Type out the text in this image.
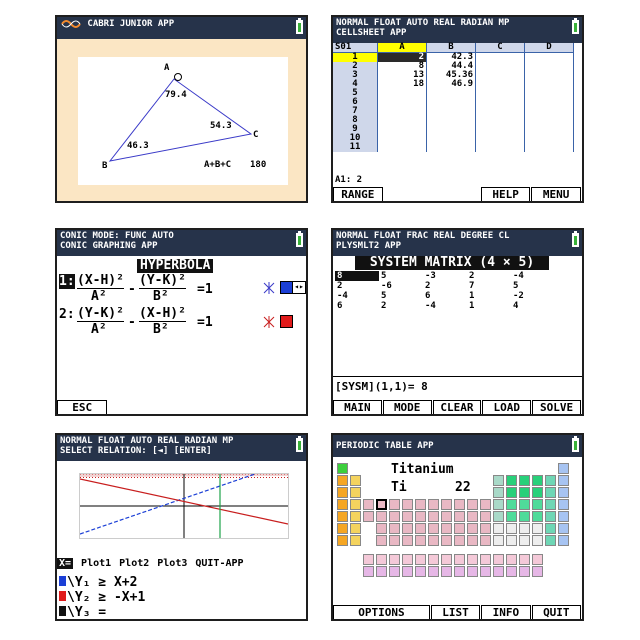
CABRI JUNIOR APP
A
B
C
79.4
46.3
54.3
A+B+C 180
NORMAL FLOAT AUTO REAL RADIAN MP
CELLSHEET APP
S01	A	B	C	D
1	2	42.3		
2	8	44.4		
3	13	45.36		
4	18	46.9		
5				
6				
7				
8				
9				
10				
11				
A1: 2
RANGE	HELP	MENU
CONIC MODE: FUNC AUTO
CONIC GRAPHING APP
HYPERBOLA
1: (X-H)²
A² -
(Y-K)²
B² =1	◂▸
2: (Y-K)²
A² -
(X-H)²
B² =1
ESC
NORMAL FLOAT FRAC REAL DEGREE CL
PLYSMLT2 APP
SYSTEM MATRIX (4 × 5)
8	5	-3	2	-4
2	-6	2	7	5
-4	5	6	1	-2
6	2	-4	1	4
[SYSM](1,1)= 8
MAIN	MODE	CLEAR	LOAD	SOLVE
NORMAL FLOAT AUTO REAL RADIAN MP
SELECT RELATION: [◄] [ENTER]
X= Plot1 Plot2 Plot3 QUIT-APP
\Y₁ ≥ X+2
\Y₂ ≥ -X+1
\Y₃ =
PERIODIC TABLE APP
Titanium
Ti	22
OPTIONS	LIST	INFO	QUIT
